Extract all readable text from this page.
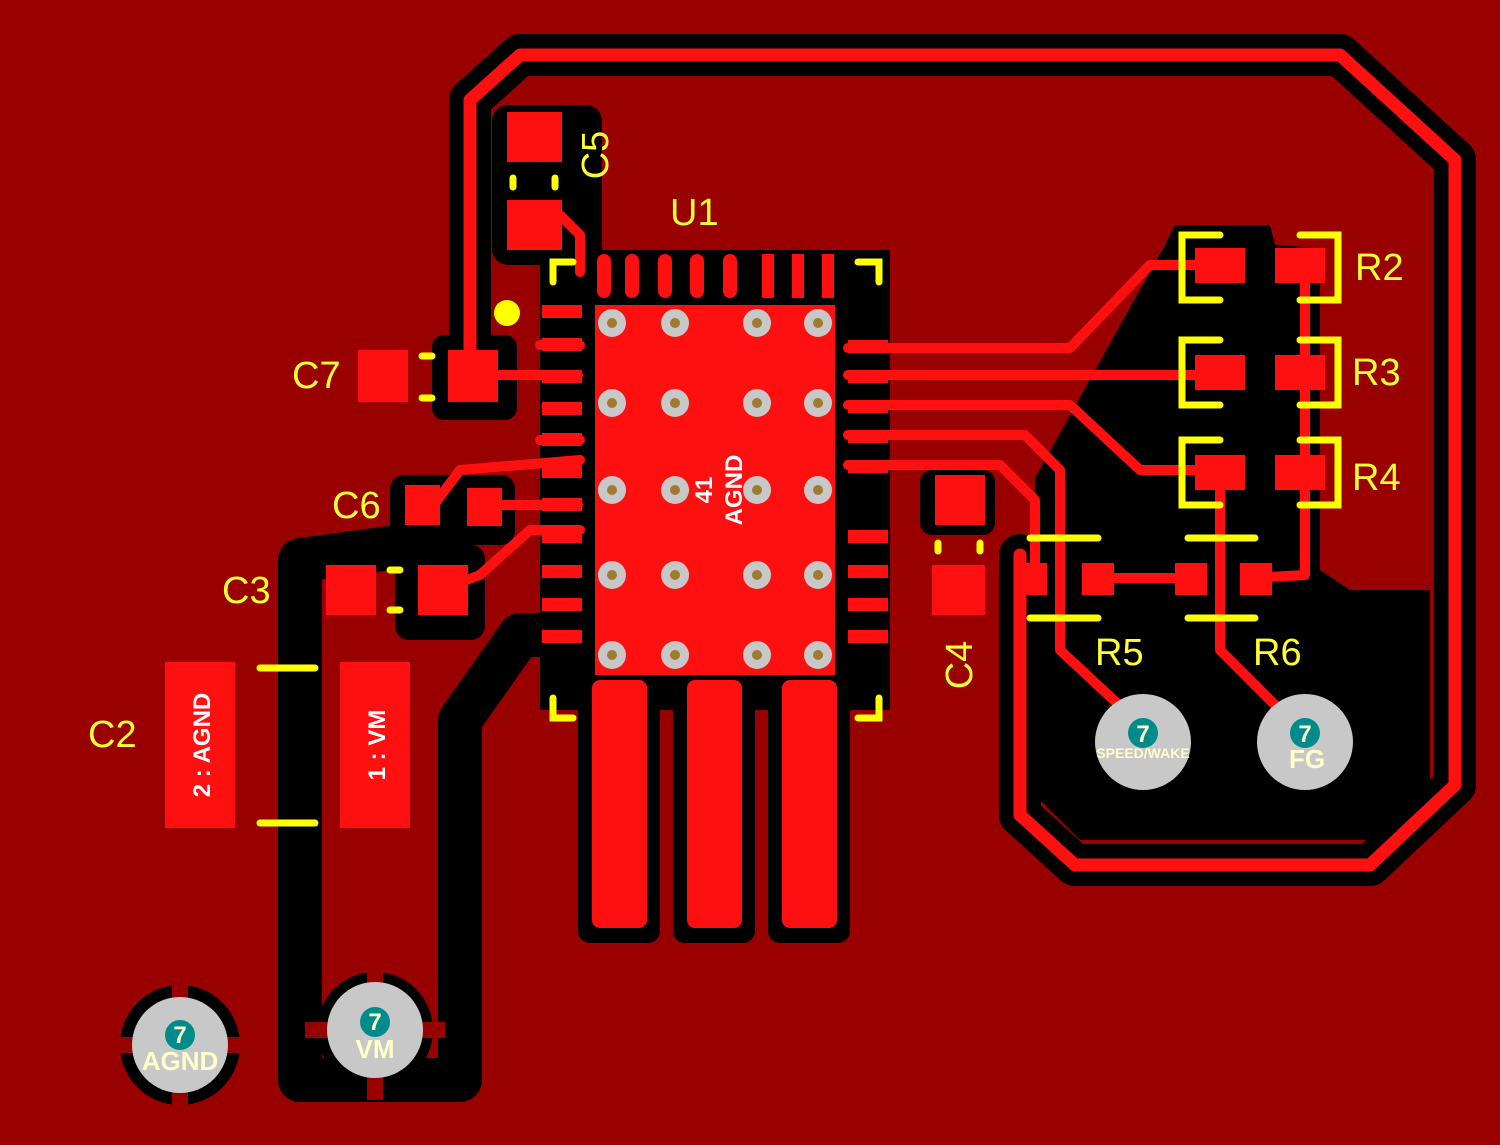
U1
C5
C7
C6
C3
C2
C4
R2
R3
R4
R5	R6
41 AGND
2 : AGND	1 : VM
7
AGND
7
VM
7
SPEED/WAKE
7
FG
